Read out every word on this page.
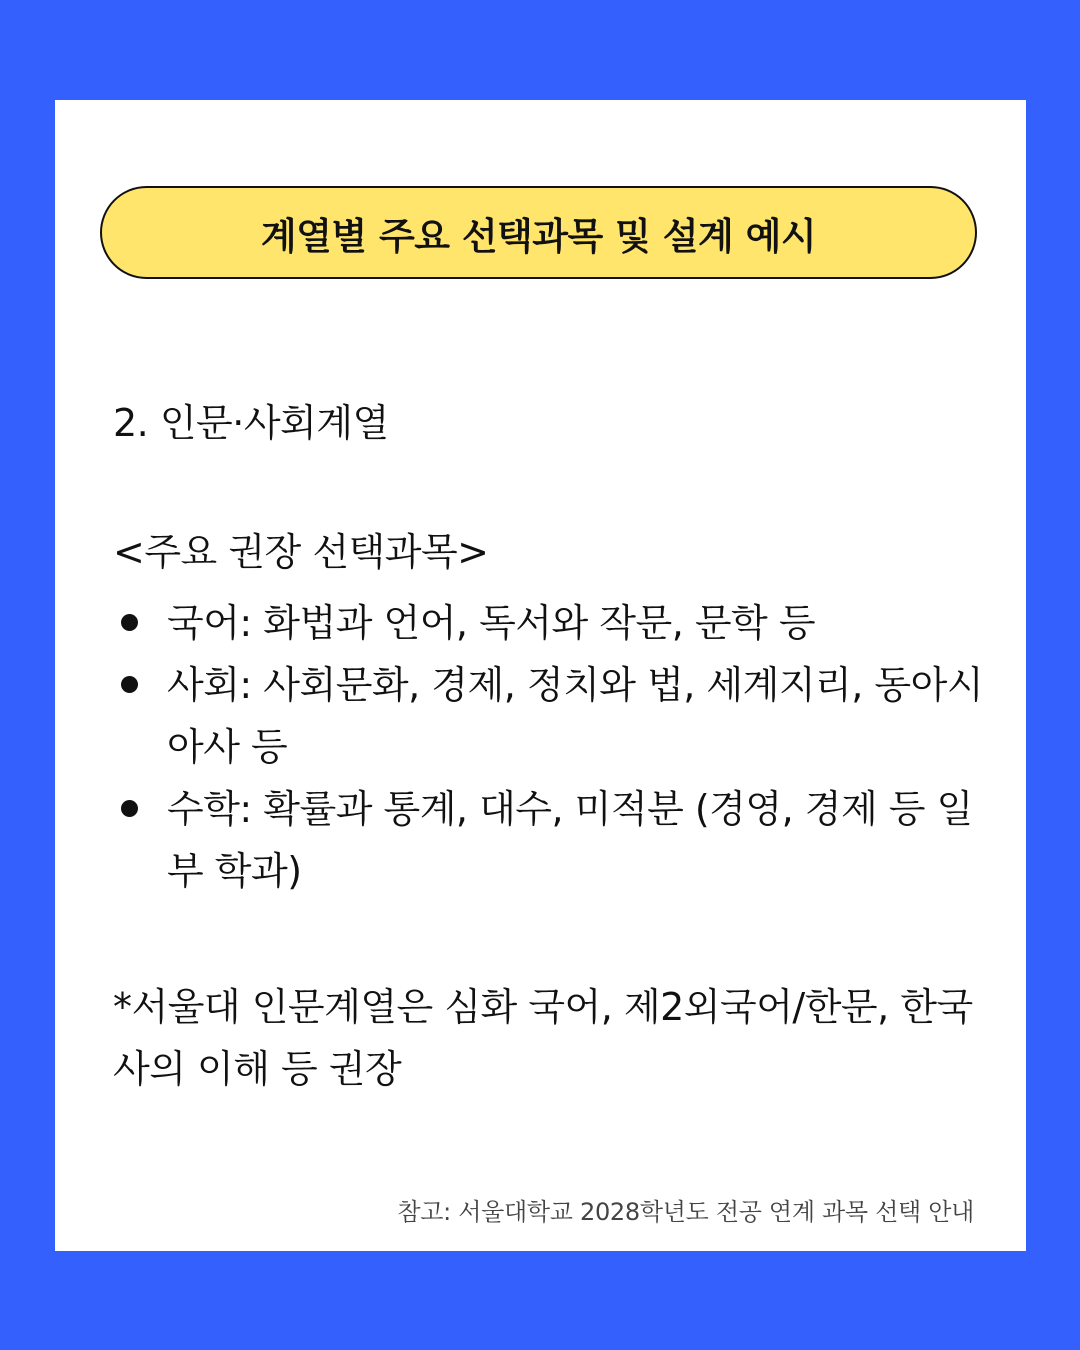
계열별 주요 선택과목 및 설계 예시
2. 인문·사회계열
<주요 권장 선택과목>
국어: 화법과 언어, 독서와 작문, 문학 등
사회: 사회문화, 경제, 정치와 법, 세계지리, 동아시아사 등
수학: 확률과 통계, 대수, 미적분 (경영, 경제 등 일부 학과)

*서울대 인문계열은 심화 국어, 제2외국어/한문, 한국사의 이해 등 권장

참고: 서울대학교 2028학년도 전공 연계 과목 선택 안내
